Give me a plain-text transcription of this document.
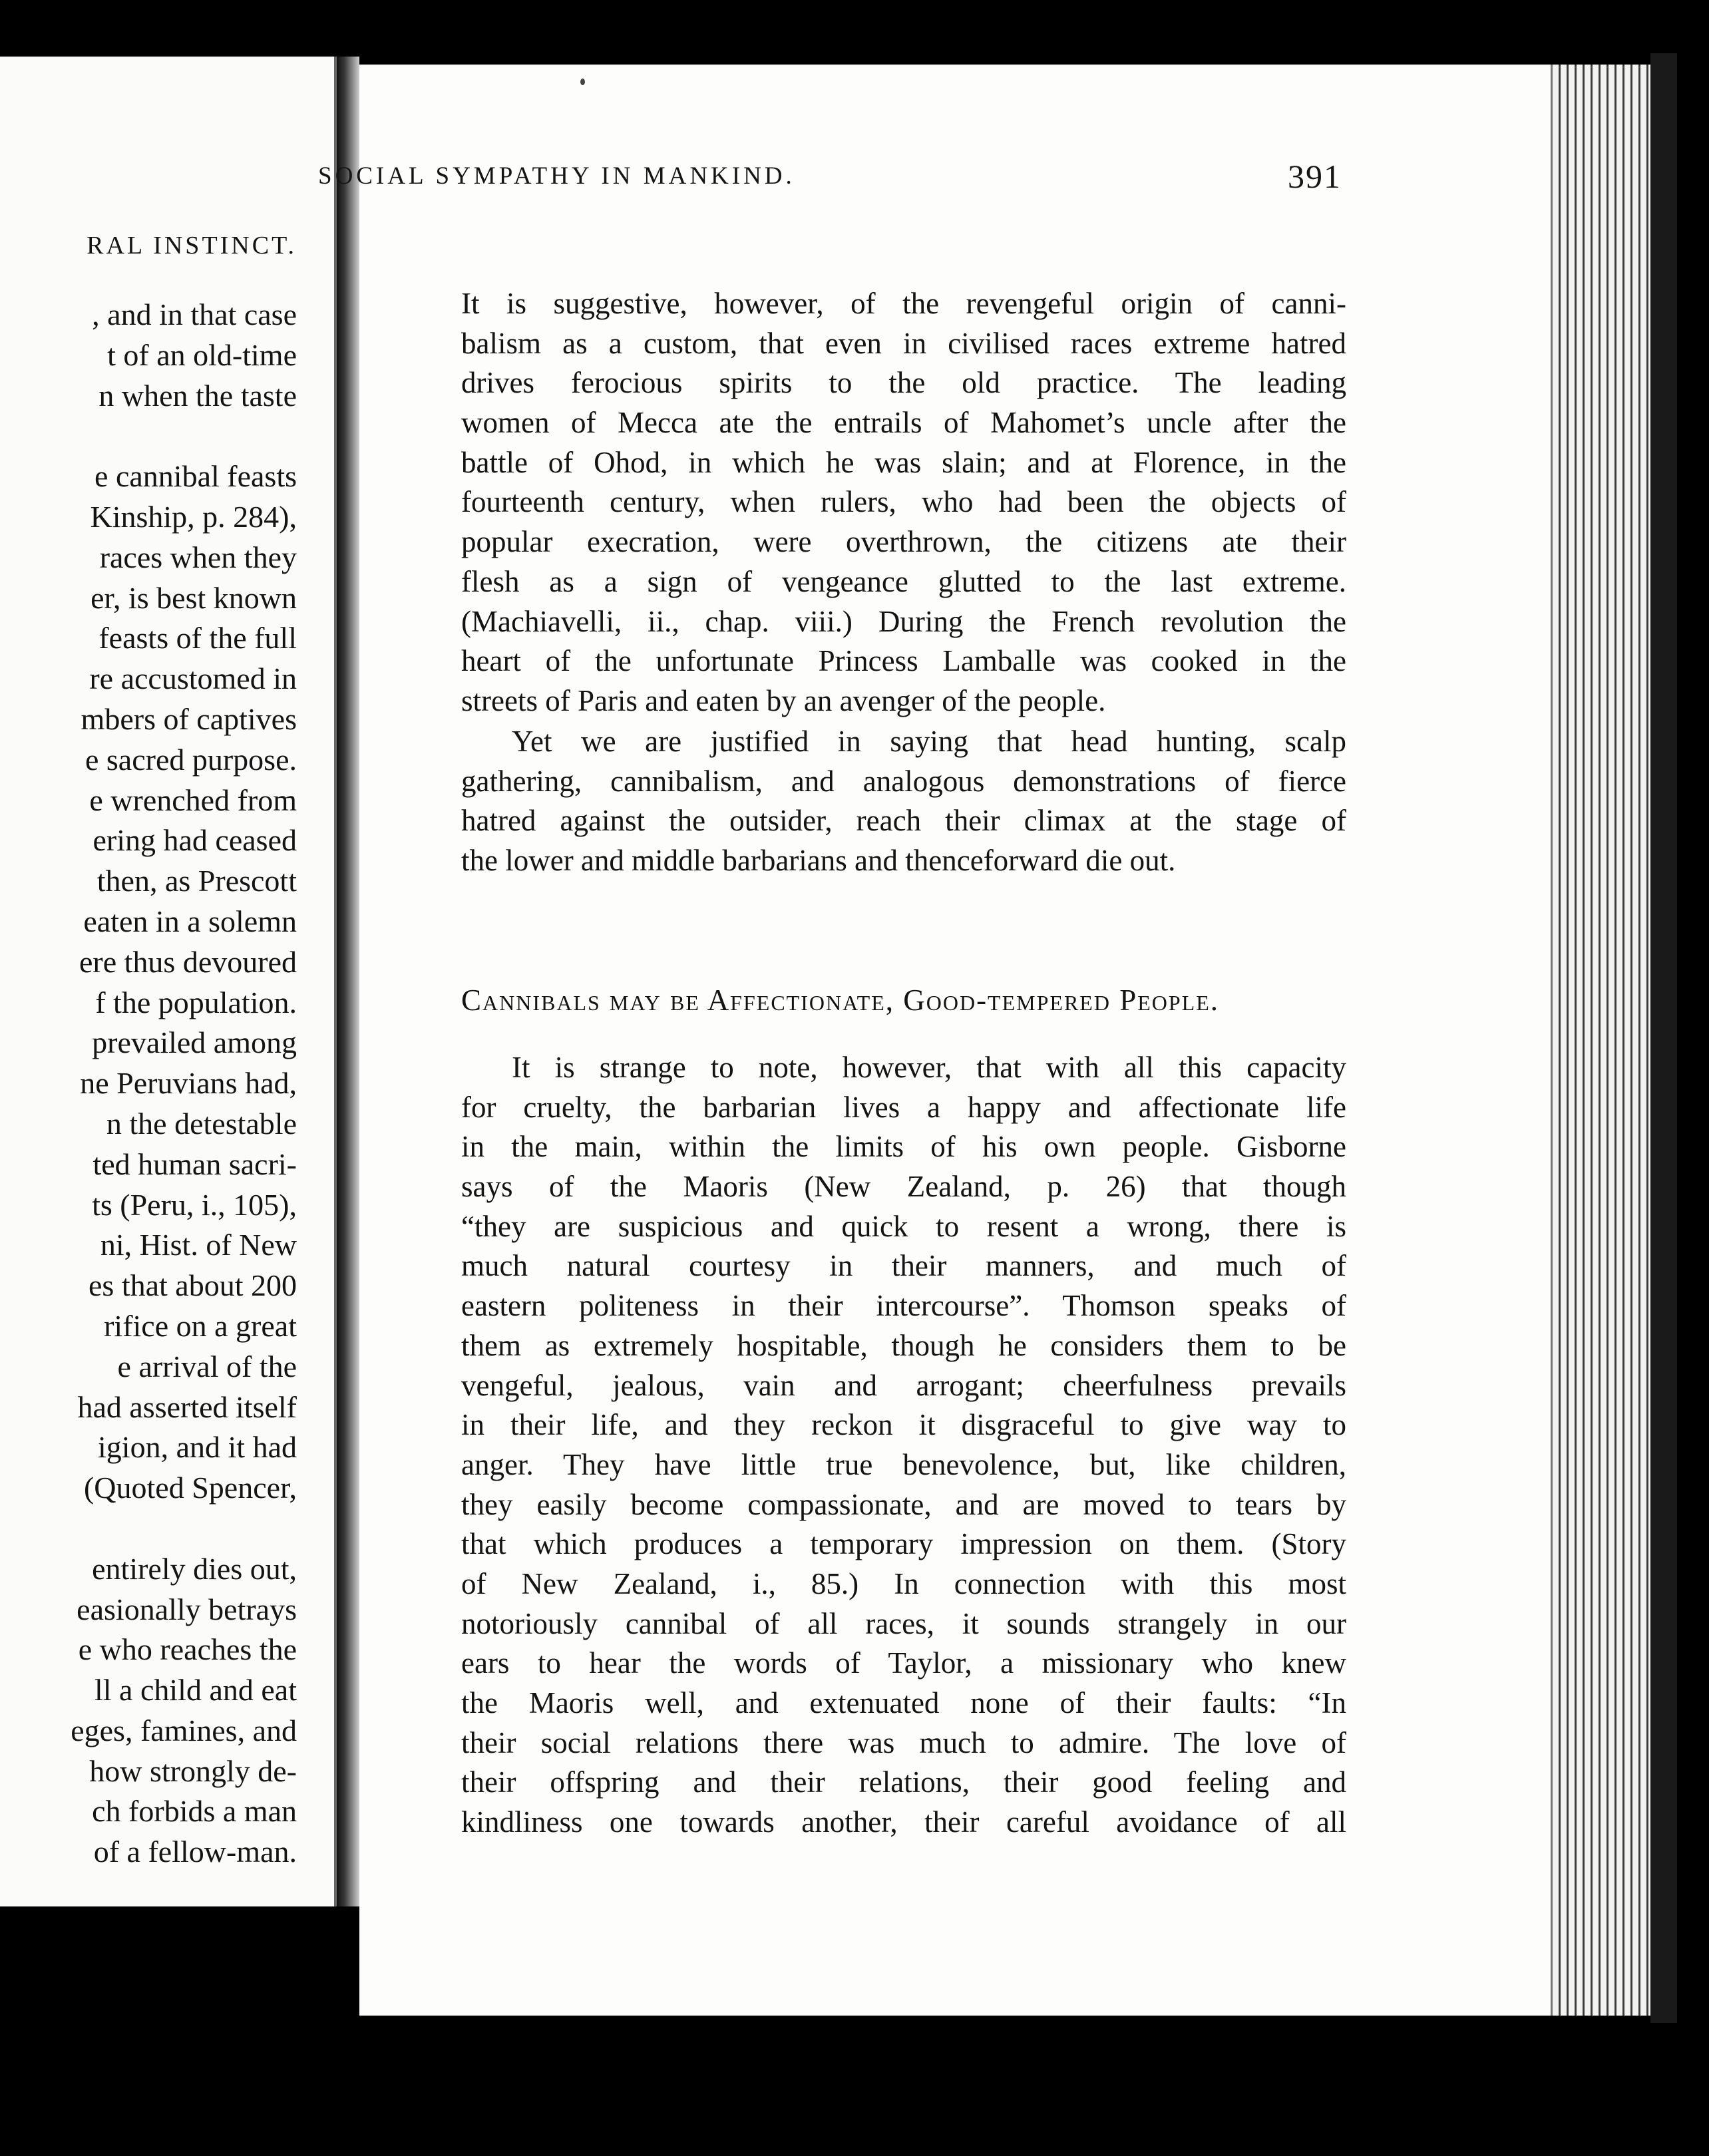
RAL INSTINCT.
, and in that case
t of an old-time
n when the taste
e cannibal feasts
Kinship, p. 284),
races when they
er, is best known
feasts of the full
re accustomed in
mbers of captives
e sacred purpose.
e wrenched from
ering had ceased
then, as Prescott
eaten in a solemn
ere thus devoured
f the population.
prevailed among
ne Peruvians had,
n the detestable
ted human sacri-
ts (Peru, i., 105),
ni, Hist. of New
es that about 200
rifice on a great
e arrival of the
had asserted itself
igion, and it had
(Quoted Spencer,
entirely dies out,
easionally betrays
e who reaches the
ll a child and eat
eges, famines, and
how strongly de-
ch forbids a man
of a fellow-man.
SOCIAL SYMPATHY IN MANKIND.	391
It is suggestive, however, of the revengeful origin of canni-
balism as a custom, that even in civilised races extreme hatred
drives ferocious spirits to the old practice. The leading
women of Mecca ate the entrails of Mahomet’s uncle after the
battle of Ohod, in which he was slain; and at Florence, in the
fourteenth century, when rulers, who had been the objects of
popular execration, were overthrown, the citizens ate their
flesh as a sign of vengeance glutted to the last extreme.
(Machiavelli, ii., chap. viii.) During the French revolution the
heart of the unfortunate Princess Lamballe was cooked in the
streets of Paris and eaten by an avenger of the people.
Yet we are justified in saying that head hunting, scalp
gathering, cannibalism, and analogous demonstrations of fierce
hatred against the outsider, reach their climax at the stage of
the lower and middle barbarians and thenceforward die out.
Cannibals may be Affectionate, Good-tempered People.
It is strange to note, however, that with all this capacity
for cruelty, the barbarian lives a happy and affectionate life
in the main, within the limits of his own people. Gisborne
says of the Maoris (New Zealand, p. 26) that though
“they are suspicious and quick to resent a wrong, there is
much natural courtesy in their manners, and much of
eastern politeness in their intercourse”. Thomson speaks of
them as extremely hospitable, though he considers them to be
vengeful, jealous, vain and arrogant; cheerfulness prevails
in their life, and they reckon it disgraceful to give way to
anger. They have little true benevolence, but, like children,
they easily become compassionate, and are moved to tears by
that which produces a temporary impression on them. (Story
of New Zealand, i., 85.) In connection with this most
notoriously cannibal of all races, it sounds strangely in our
ears to hear the words of Taylor, a missionary who knew
the Maoris well, and extenuated none of their faults: “In
their social relations there was much to admire. The love of
their offspring and their relations, their good feeling and
kindliness one towards another, their careful avoidance of all
